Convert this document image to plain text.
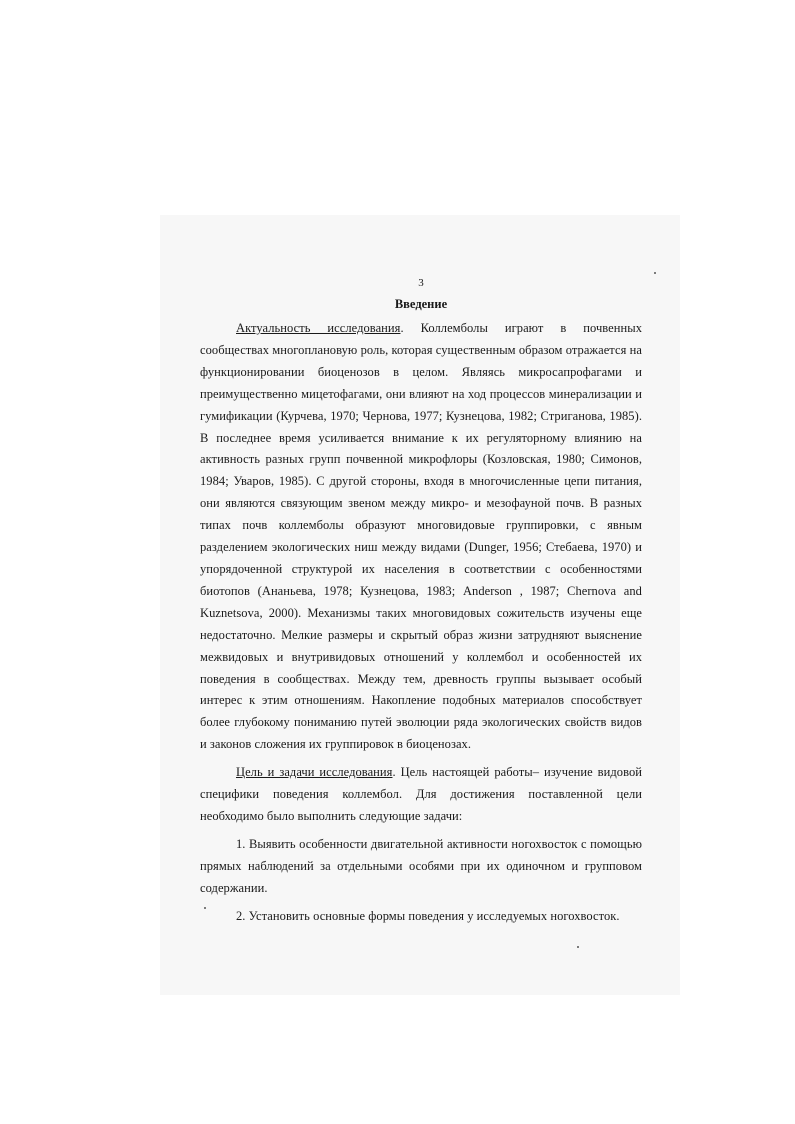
3
Введение

Актуальность исследования. Коллемболы играют в почвенных сообществах многоплановую роль, которая существенным образом отражается на функционировании биоценозов в целом. Являясь микросапрофагами и преимущественно мицетофагами, они влияют на ход процессов минерализации и гумификации (Курчева, 1970; Чернова, 1977; Кузнецова, 1982; Стриганова, 1985). В последнее время усиливается внимание к их регуляторному влиянию на активность разных групп почвенной микрофлоры (Козловская, 1980; Симонов, 1984; Уваров, 1985). С другой стороны, входя в многочисленные цепи питания, они являются связующим звеном между микро- и мезофауной почв. В разных типах почв коллемболы образуют многовидовые группировки, с явным разделением экологических ниш между видами (Dunger, 1956; Стебаева, 1970) и упорядоченной структурой их населения в соответствии с особенностями биотопов (Ананьева, 1978; Кузнецова, 1983; Anderson , 1987; Chernova and Kuznetsova, 2000). Механизмы таких многовидовых сожительств изучены еще недостаточно. Мелкие размеры и скрытый образ жизни затрудняют выяснение межвидовых и внутривидовых отношений у коллембол и особенностей их поведения в сообществах. Между тем, древность группы вызывает особый интерес к этим отношениям. Накопление подобных материалов способствует более глубокому пониманию путей эволюции ряда экологических свойств видов и законов сложения их группировок в биоценозах.

Цель и задачи исследования. Цель настоящей работы– изучение видовой специфики поведения коллембол. Для достижения поставленной цели необходимо было выполнить следующие задачи:

1. Выявить особенности двигательной активности ногохвосток с помощью прямых наблюдений за отдельными особями при их одиночном и групповом содержании.

2. Установить основные формы поведения у исследуемых ногохвосток.
